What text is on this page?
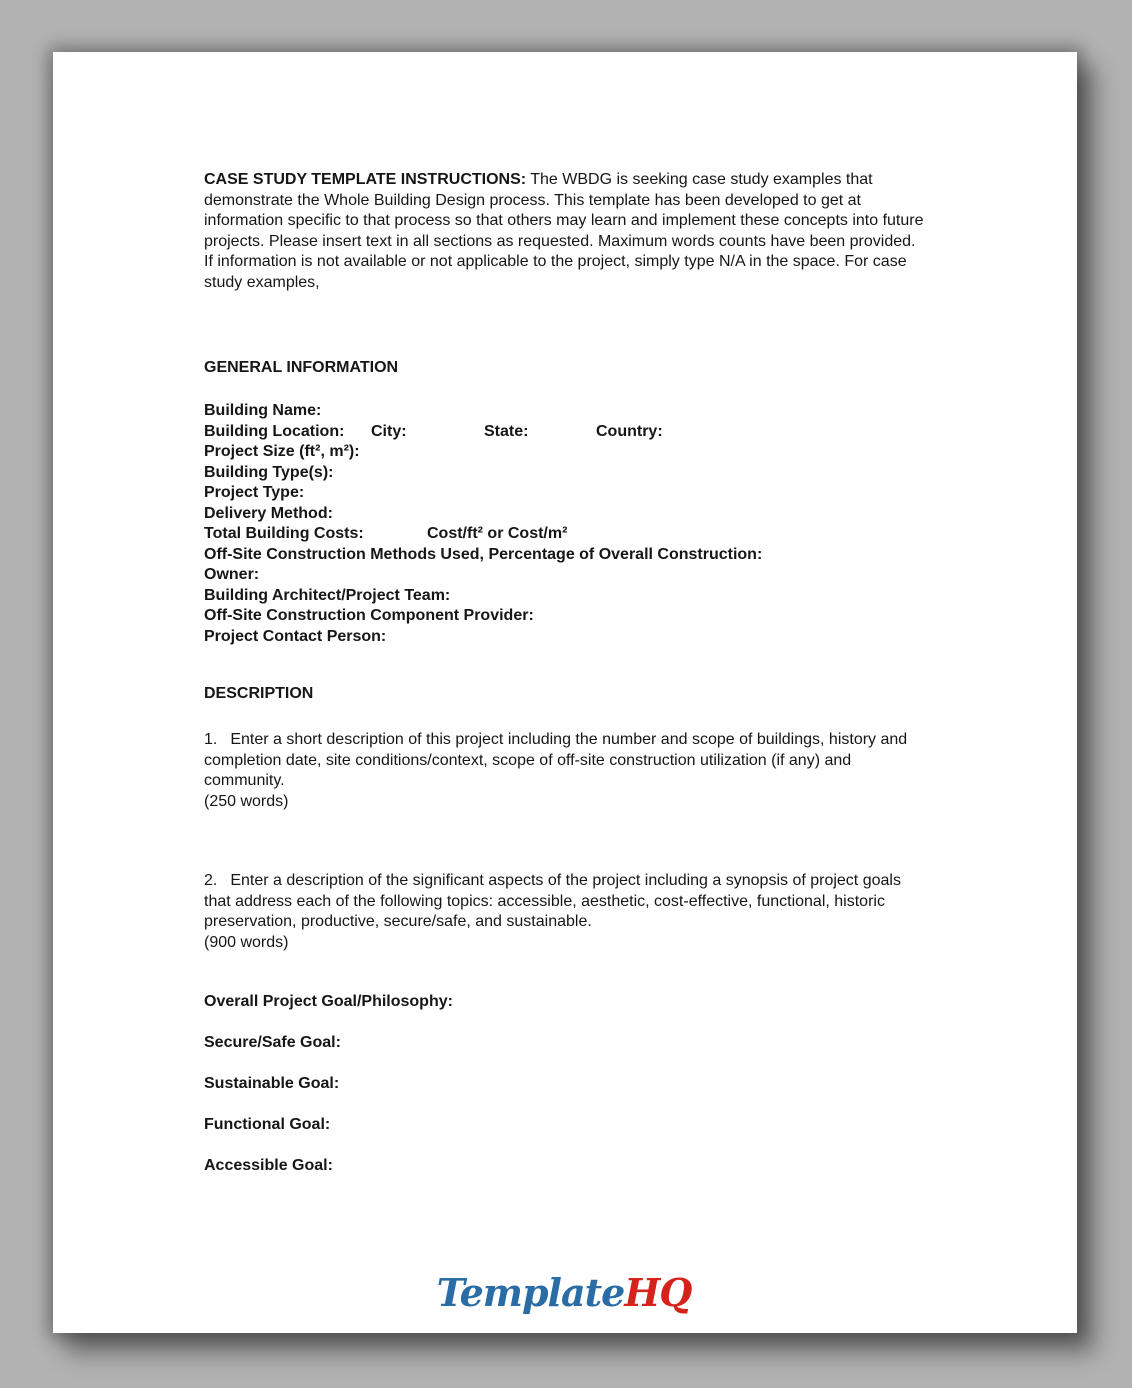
CASE STUDY TEMPLATE INSTRUCTIONS: The WBDG is seeking case study examples that demonstrate the Whole Building Design process. This template has been developed to get at information specific to that process so that others may learn and implement these concepts into future projects. Please insert text in all sections as requested. Maximum words counts have been provided. If information is not available or not applicable to the project, simply type N/A in the space. For case study examples,

GENERAL INFORMATION
Building Name:
Building Location: City:	State:	Country:
Project Size (ft², m²):
Building Type(s):
Project Type:
Delivery Method:
Total Building Costs:	Cost/ft² or Cost/m²
Off-Site Construction Methods Used, Percentage of Overall Construction:
Owner:
Building Architect/Project Team:
Off-Site Construction Component Provider:
Project Contact Person:
DESCRIPTION

1. Enter a short description of this project including the number and scope of buildings, history and completion date, site conditions/context, scope of off-site construction utilization (if any) and community.

(250 words)

2. Enter a description of the significant aspects of the project including a synopsis of project goals that address each of the following topics: accessible, aesthetic, cost-effective, functional, historic preservation, productive, secure/safe, and sustainable.

(900 words)
Overall Project Goal/Philosophy:
Secure/Safe Goal:
Sustainable Goal:
Functional Goal:
Accessible Goal:
TemplateHQ
